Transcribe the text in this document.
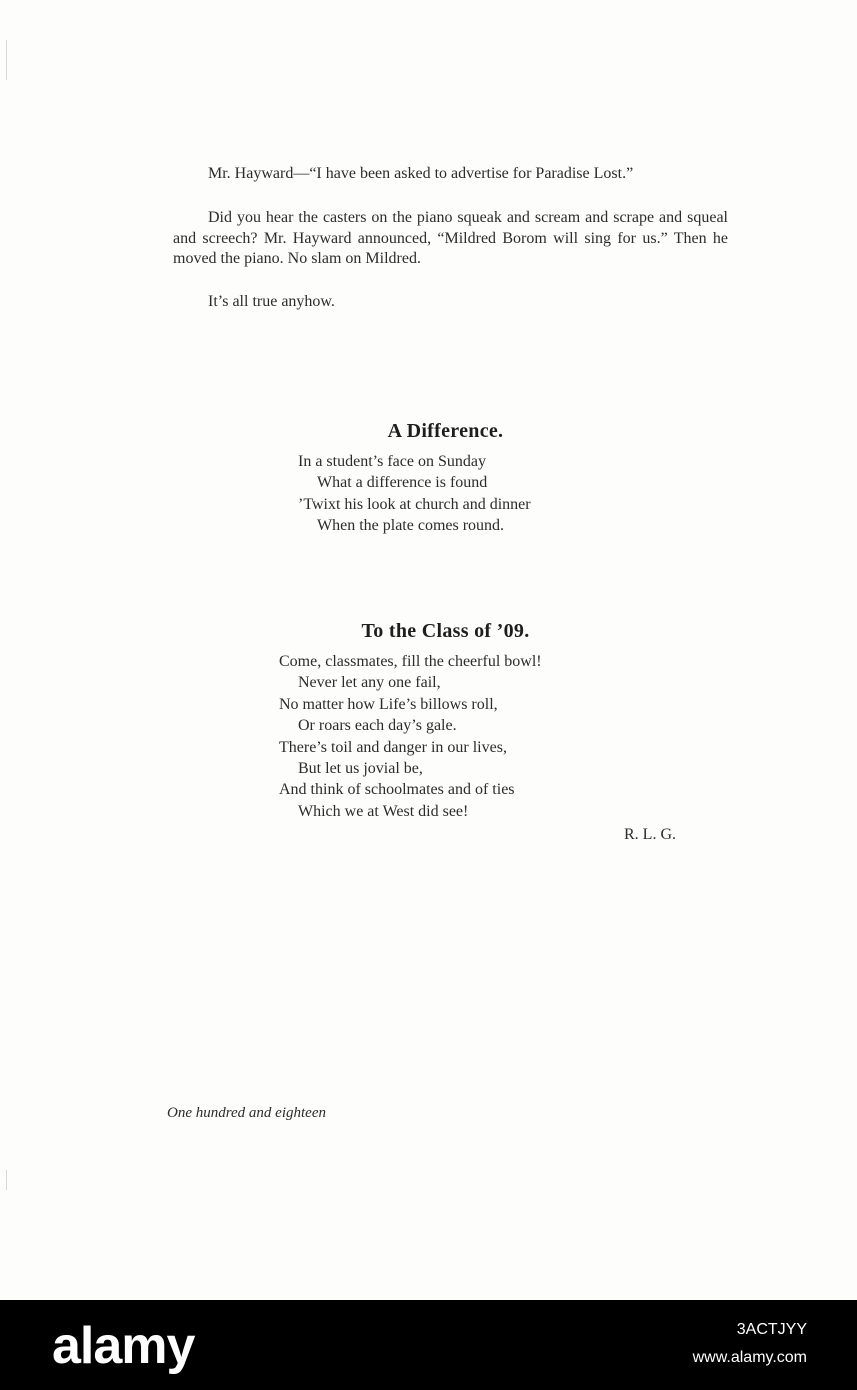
Mr. Hayward—“I have been asked to advertise for Paradise Lost.”

Did you hear the casters on the piano squeak and scream and scrape and squeal and screech? Mr. Hayward announced, “Mildred Borom will sing for us.” Then he moved the piano. No slam on Mildred.

It’s all true anyhow.

A Difference.
In a student’s face on Sunday
What a difference is found
’Twixt his look at church and dinner
When the plate comes round.
To the Class of ’09.
Come, classmates, fill the cheerful bowl!
Never let any one fail,
No matter how Life’s billows roll,
Or roars each day’s gale.
There’s toil and danger in our lives,
But let us jovial be,
And think of schoolmates and of ties
Which we at West did see!
R. L. G.
One hundred and eighteen
alamy	3ACTJYY
www.alamy.com
